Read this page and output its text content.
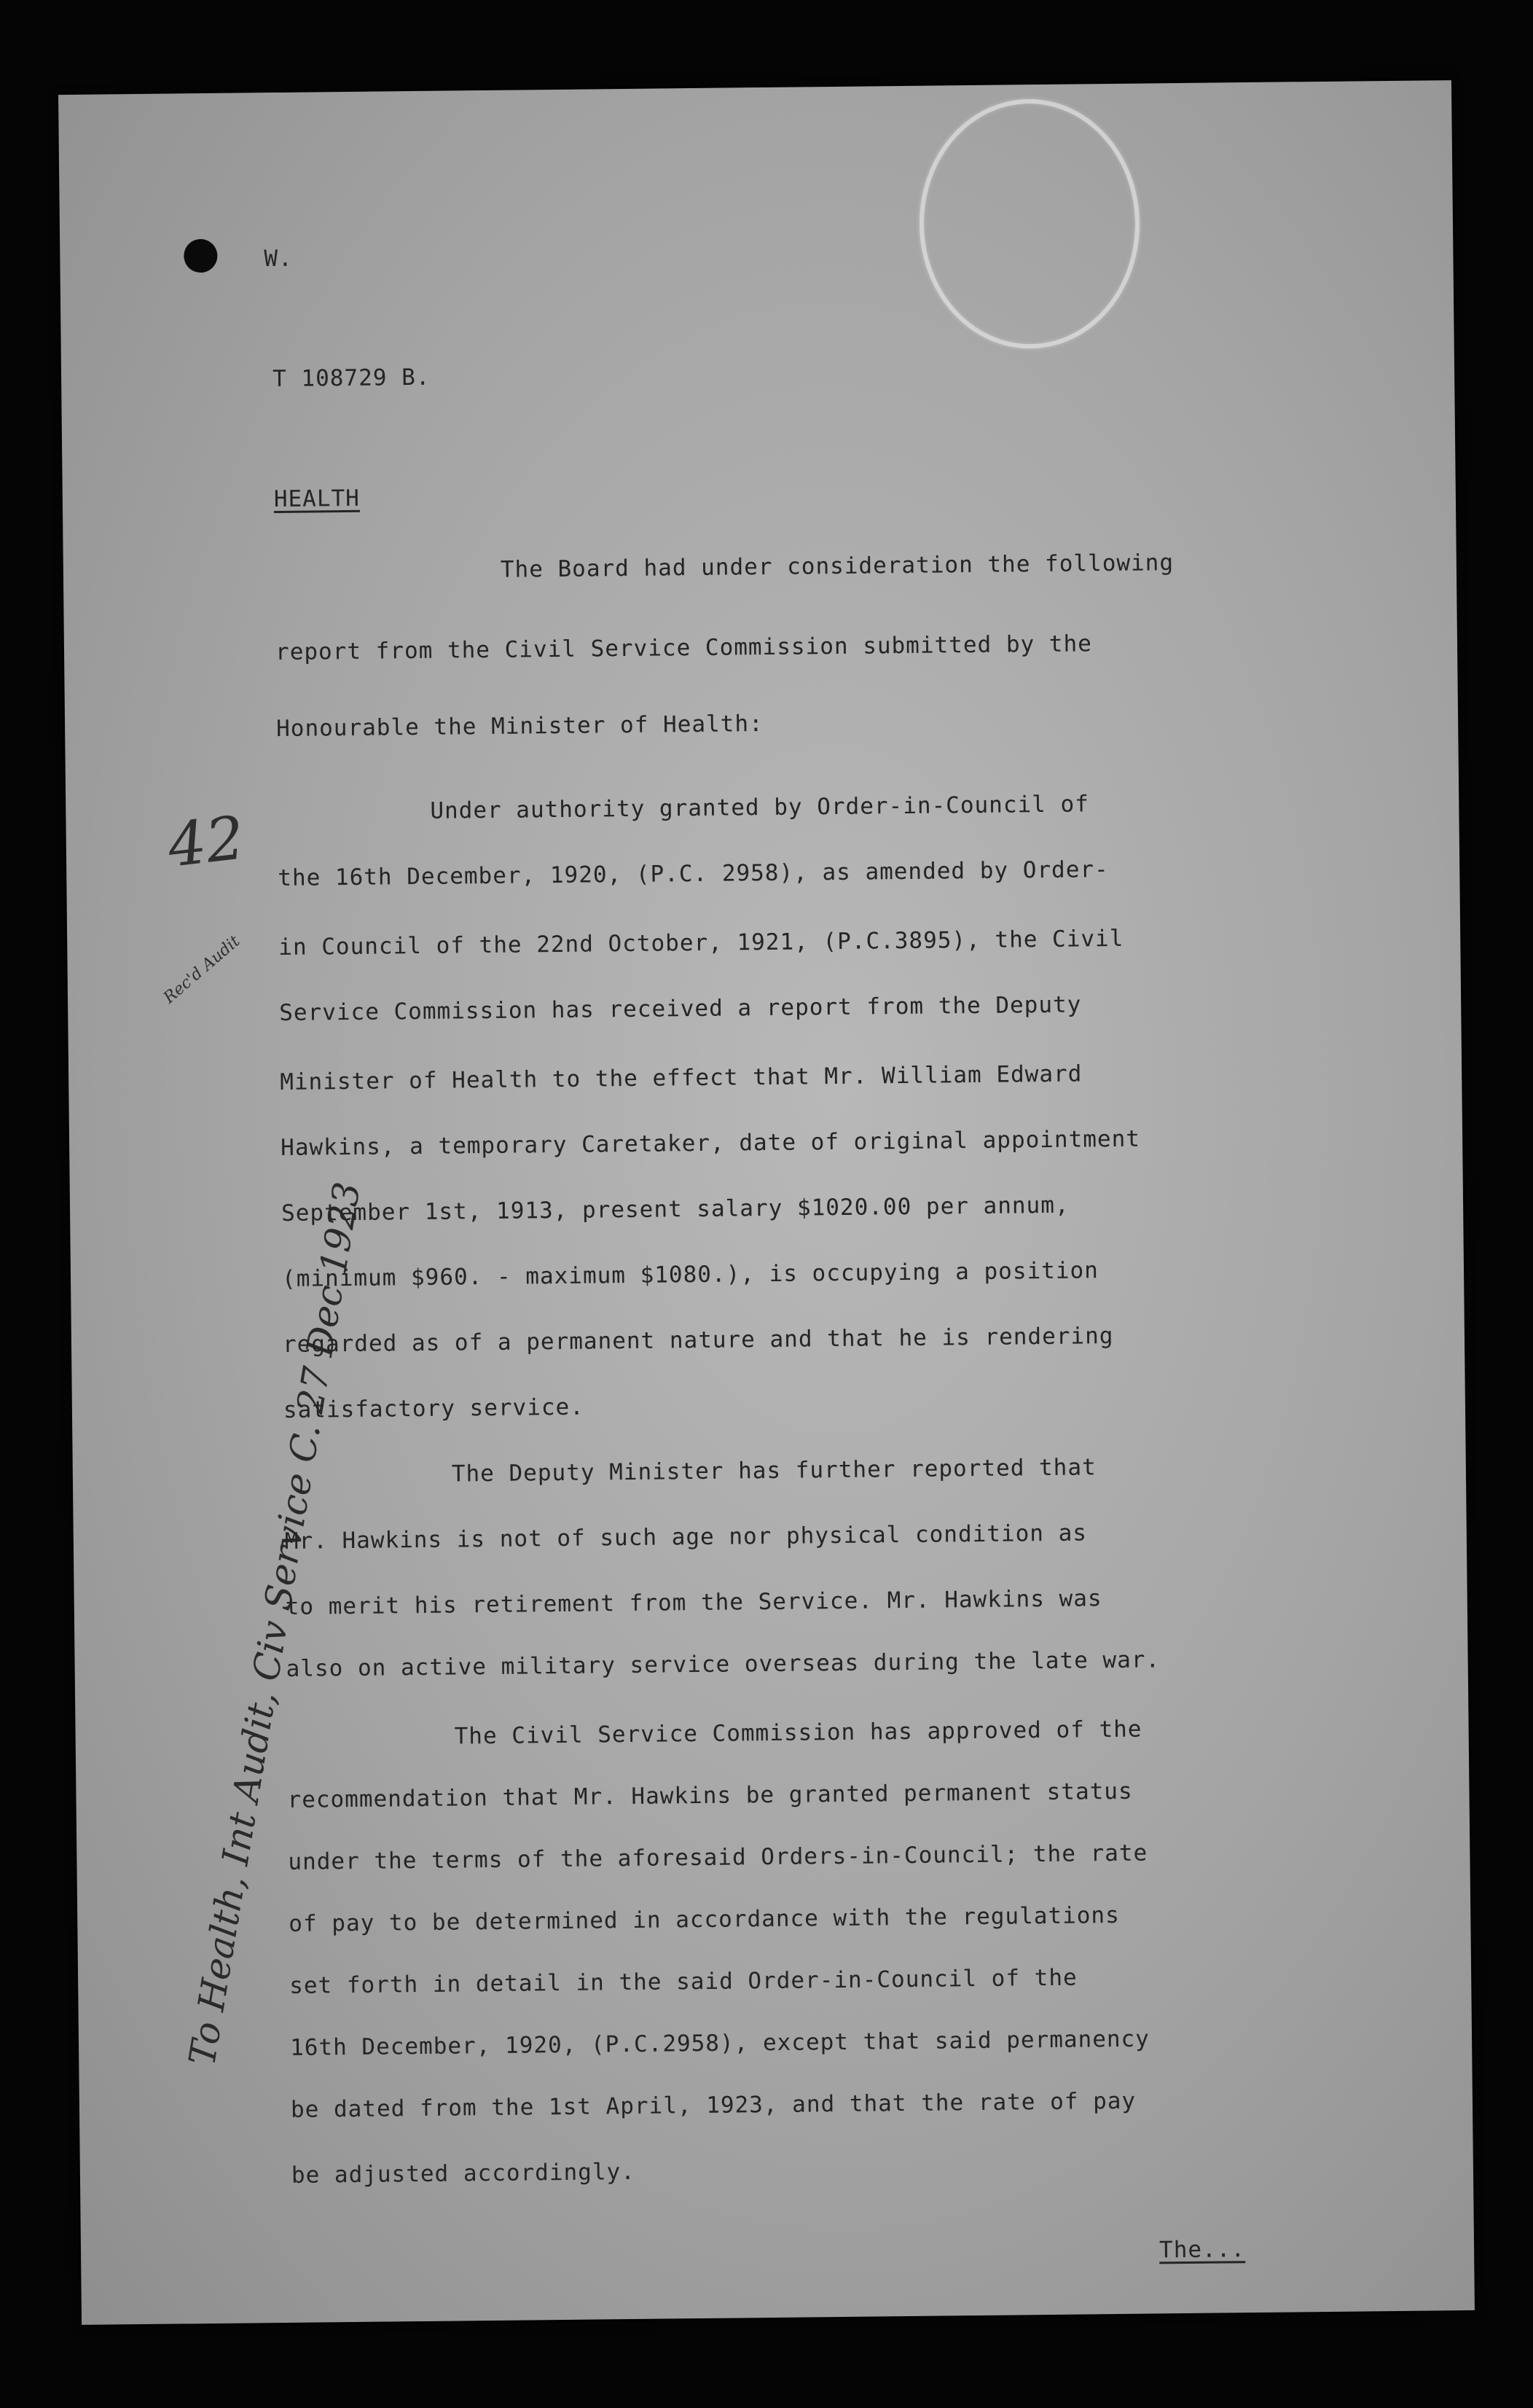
W.
T 108729 B.
HEALTH
42
Rec'd Audit
To Health, Int Audit, Civ Service C. 27 Dec 1923
The Board had under consideration the following
report from the Civil Service Commission submitted by the
Honourable the Minister of Health:
Under authority granted by Order-in-Council of
the 16th December, 1920, (P.C. 2958), as amended by Order-
in Council of the 22nd October, 1921, (P.C.3895), the Civil
Service Commission has received a report from the Deputy
Minister of Health to the effect that Mr. William Edward
Hawkins, a temporary Caretaker, date of original appointment
September 1st, 1913, present salary $1020.00 per annum,
(minimum $960. - maximum $1080.), is occupying a position
regarded as of a permanent nature and that he is rendering
satisfactory service.
The Deputy Minister has further reported that
Mr. Hawkins is not of such age nor physical condition as
to merit his retirement from the Service. Mr. Hawkins was
also on active military service overseas during the late war.
The Civil Service Commission has approved of the
recommendation that Mr. Hawkins be granted permanent status
under the terms of the aforesaid Orders-in-Council; the rate
of pay to be determined in accordance with the regulations
set forth in detail in the said Order-in-Council of the
16th December, 1920, (P.C.2958), except that said permanency
be dated from the 1st April, 1923, and that the rate of pay
be adjusted accordingly.
The...
